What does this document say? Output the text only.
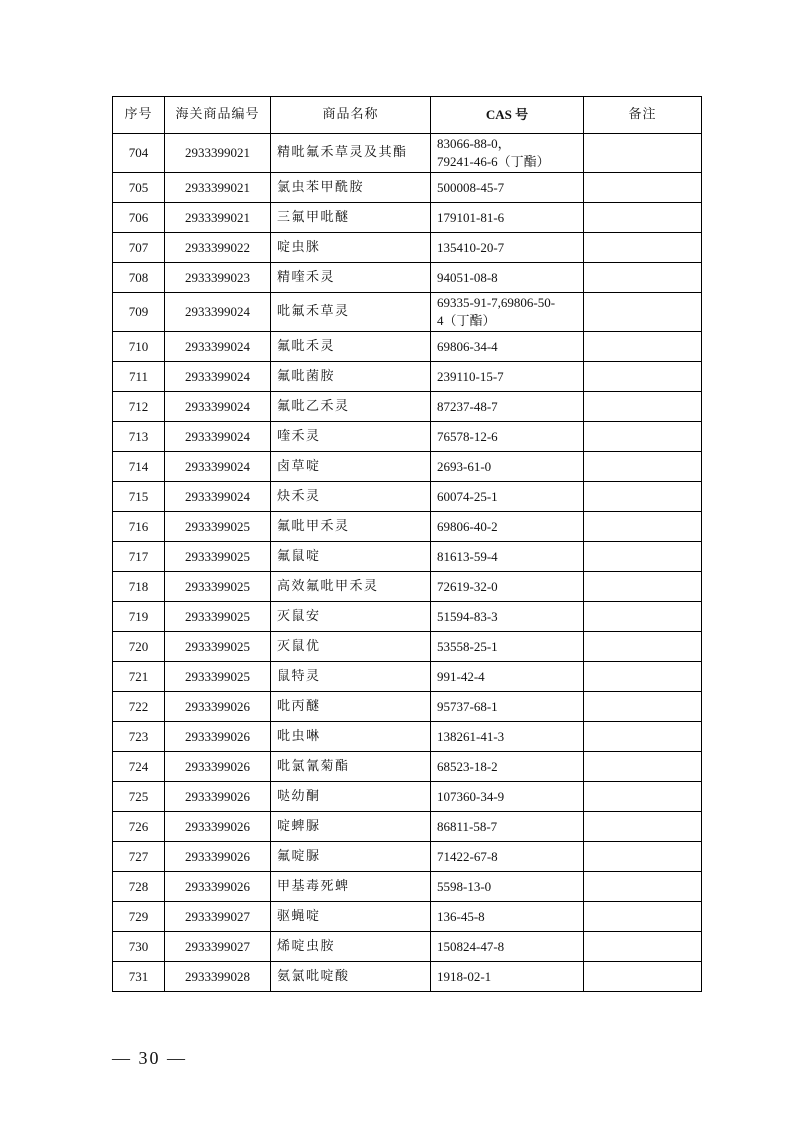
序号	海关商品编号	商品名称	CAS 号	备注
704	2933399021	精吡氟禾草灵及其酯	83066-88-0，
79241-46-6（丁酯）	

705	2933399021	氯虫苯甲酰胺	500008-45-7	

706	2933399021	三氟甲吡醚	179101-81-6	

707	2933399022	啶虫脒	135410-20-7	

708	2933399023	精喹禾灵	94051-08-8	

709	2933399024	吡氟禾草灵	69335-91-7,69806-50-
4（丁酯）	

710	2933399024	氟吡禾灵	69806-34-4	

711	2933399024	氟吡菌胺	239110-15-7	

712	2933399024	氟吡乙禾灵	87237-48-7	

713	2933399024	喹禾灵	76578-12-6	

714	2933399024	卤草啶	2693-61-0	

715	2933399024	炔禾灵	60074-25-1	

716	2933399025	氟吡甲禾灵	69806-40-2	

717	2933399025	氟鼠啶	81613-59-4	

718	2933399025	高效氟吡甲禾灵	72619-32-0	

719	2933399025	灭鼠安	51594-83-3	

720	2933399025	灭鼠优	53558-25-1	

721	2933399025	鼠特灵	991-42-4	

722	2933399026	吡丙醚	95737-68-1	

723	2933399026	吡虫啉	138261-41-3	

724	2933399026	吡氯氰菊酯	68523-18-2	

725	2933399026	哒幼酮	107360-34-9	

726	2933399026	啶蜱脲	86811-58-7	

727	2933399026	氟啶脲	71422-67-8	

728	2933399026	甲基毒死蜱	5598-13-0	

729	2933399027	驱蝇啶	136-45-8	

730	2933399027	烯啶虫胺	150824-47-8	

731	2933399028	氨氯吡啶酸	1918-02-1	

— 30 —
